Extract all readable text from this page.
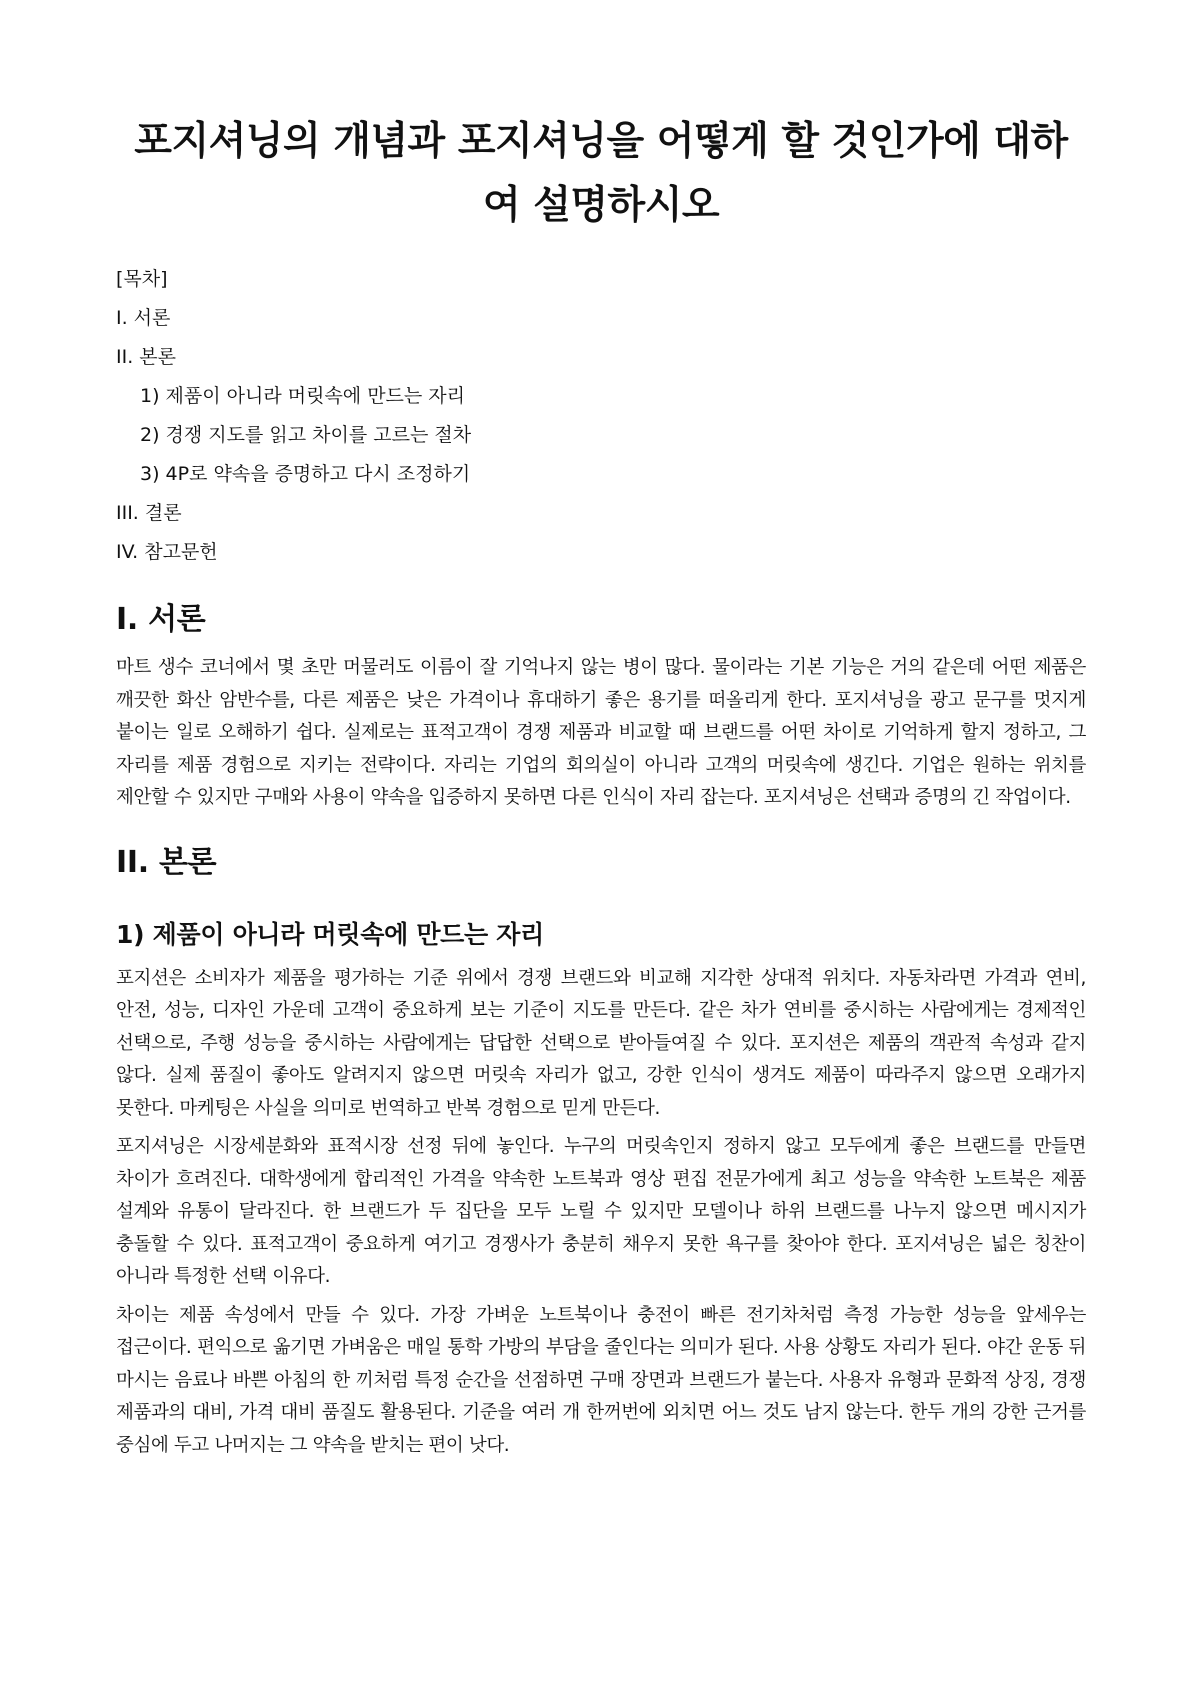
포지셔닝의 개념과 포지셔닝을 어떻게 할 것인가에 대하여 설명하시오

[목차]

I. 서론

II. 본론

1) 제품이 아니라 머릿속에 만드는 자리

2) 경쟁 지도를 읽고 차이를 고르는 절차

3) 4P로 약속을 증명하고 다시 조정하기

III. 결론

IV. 참고문헌

I. 서론

마트 생수 코너에서 몇 초만 머물러도 이름이 잘 기억나지 않는 병이 많다. 물이라는 기본 기능은 거의 같은데 어떤 제품은 깨끗한 화산 암반수를, 다른 제품은 낮은 가격이나 휴대하기 좋은 용기를 떠올리게 한다. 포지셔닝을 광고 문구를 멋지게 붙이는 일로 오해하기 쉽다. 실제로는 표적고객이 경쟁 제품과 비교할 때 브랜드를 어떤 차이로 기억하게 할지 정하고, 그 자리를 제품 경험으로 지키는 전략이다. 자리는 기업의 회의실이 아니라 고객의 머릿속에 생긴다. 기업은 원하는 위치를 제안할 수 있지만 구매와 사용이 약속을 입증하지 못하면 다른 인식이 자리 잡는다. 포지셔닝은 선택과 증명의 긴 작업이다.

II. 본론
1) 제품이 아니라 머릿속에 만드는 자리

포지션은 소비자가 제품을 평가하는 기준 위에서 경쟁 브랜드와 비교해 지각한 상대적 위치다. 자동차라면 가격과 연비, 안전, 성능, 디자인 가운데 고객이 중요하게 보는 기준이 지도를 만든다. 같은 차가 연비를 중시하는 사람에게는 경제적인 선택으로, 주행 성능을 중시하는 사람에게는 답답한 선택으로 받아들여질 수 있다. 포지션은 제품의 객관적 속성과 같지 않다. 실제 품질이 좋아도 알려지지 않으면 머릿속 자리가 없고, 강한 인식이 생겨도 제품이 따라주지 않으면 오래가지 못한다. 마케팅은 사실을 의미로 번역하고 반복 경험으로 믿게 만든다.

포지셔닝은 시장세분화와 표적시장 선정 뒤에 놓인다. 누구의 머릿속인지 정하지 않고 모두에게 좋은 브랜드를 만들면 차이가 흐려진다. 대학생에게 합리적인 가격을 약속한 노트북과 영상 편집 전문가에게 최고 성능을 약속한 노트북은 제품 설계와 유통이 달라진다. 한 브랜드가 두 집단을 모두 노릴 수 있지만 모델이나 하위 브랜드를 나누지 않으면 메시지가 충돌할 수 있다. 표적고객이 중요하게 여기고 경쟁사가 충분히 채우지 못한 욕구를 찾아야 한다. 포지셔닝은 넓은 칭찬이 아니라 특정한 선택 이유다.

차이는 제품 속성에서 만들 수 있다. 가장 가벼운 노트북이나 충전이 빠른 전기차처럼 측정 가능한 성능을 앞세우는 접근이다. 편익으로 옮기면 가벼움은 매일 통학 가방의 부담을 줄인다는 의미가 된다. 사용 상황도 자리가 된다. 야간 운동 뒤 마시는 음료나 바쁜 아침의 한 끼처럼 특정 순간을 선점하면 구매 장면과 브랜드가 붙는다. 사용자 유형과 문화적 상징, 경쟁 제품과의 대비, 가격 대비 품질도 활용된다. 기준을 여러 개 한꺼번에 외치면 어느 것도 남지 않는다. 한두 개의 강한 근거를 중심에 두고 나머지는 그 약속을 받치는 편이 낫다.
